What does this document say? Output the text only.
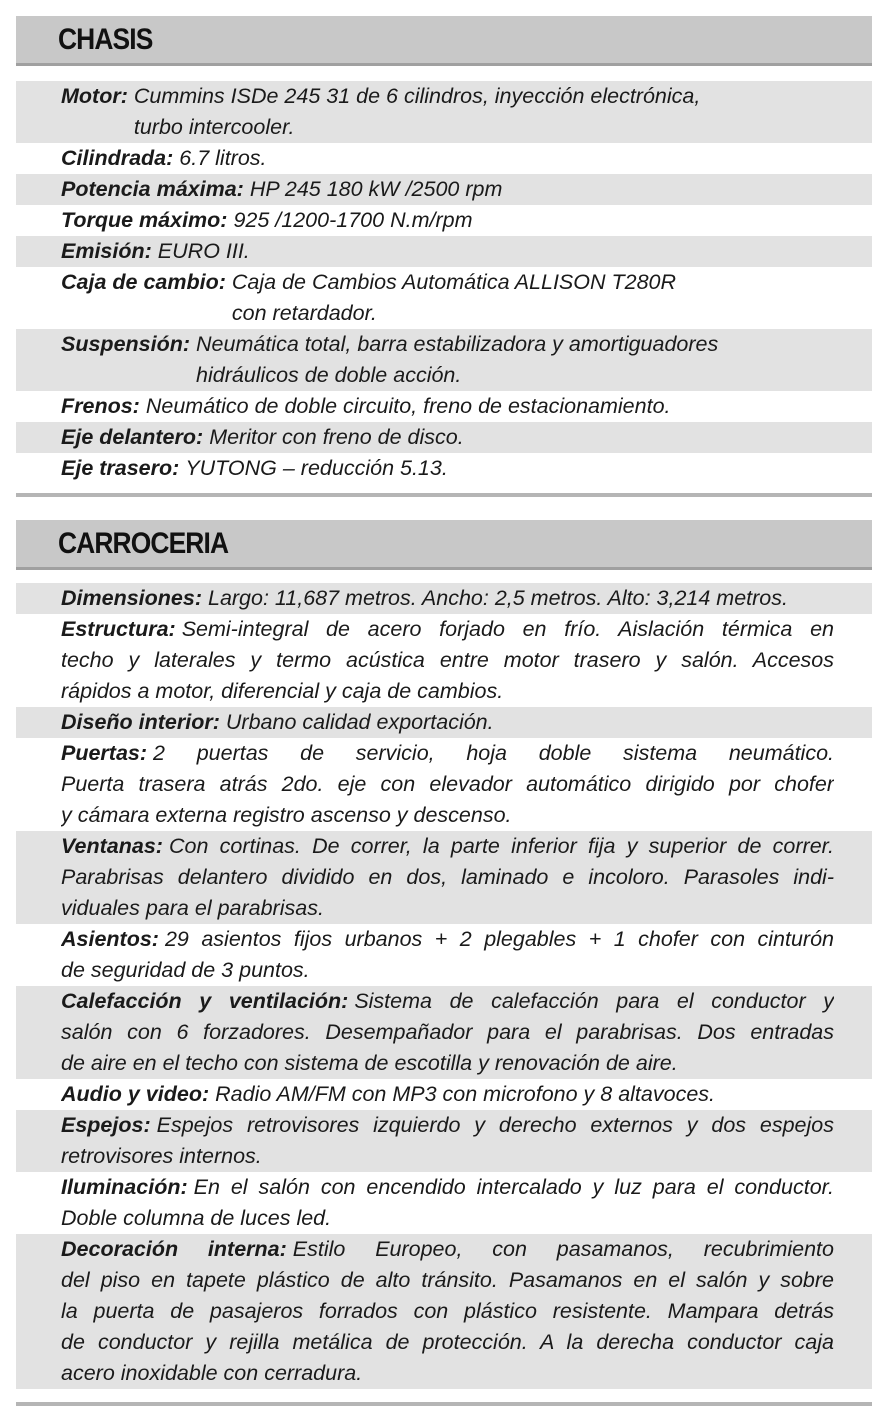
CHASIS
Motor: Cummins ISDe 245 31 de 6 cilindros, inyección electrónica,
turbo intercooler.
Cilindrada: 6.7 litros.
Potencia máxima: HP 245 180 kW /2500 rpm
Torque máximo: 925 /1200-1700 N.m/rpm
Emisión: EURO III.
Caja de cambio: Caja de Cambios Automática ALLISON T280R
con retardador.
Suspensión: Neumática total, barra estabilizadora y amortiguadores
hidráulicos de doble acción.
Frenos: Neumático de doble circuito, freno de estacionamiento.
Eje delantero: Meritor con freno de disco.
Eje trasero: YUTONG – reducción 5.13.
CARROCERIA
Dimensiones: Largo: 11,687 metros. Ancho: 2,5 metros. Alto: 3,214 metros.
Estructura: Semi-integral de acero forjado en frío. Aislación térmica en
techo y laterales y termo acústica entre motor trasero y salón. Accesos
rápidos a motor, diferencial y caja de cambios.
Diseño interior: Urbano calidad exportación.
Puertas: 2 puertas de servicio, hoja doble sistema neumático.
Puerta trasera atrás 2do. eje con elevador automático dirigido por chofer
y cámara externa registro ascenso y descenso.
Ventanas: Con cortinas. De correr, la parte inferior fija y superior de correr.
Parabrisas delantero dividido en dos, laminado e incoloro. Parasoles indi-
viduales para el parabrisas.
Asientos: 29 asientos fijos urbanos + 2 plegables + 1 chofer con cinturón
de seguridad de 3 puntos.
Calefacción y ventilación: Sistema de calefacción para el conductor y
salón con 6 forzadores. Desempañador para el parabrisas. Dos entradas
de aire en el techo con sistema de escotilla y renovación de aire.
Audio y video: Radio AM/FM con MP3 con microfono y 8 altavoces.
Espejos: Espejos retrovisores izquierdo y derecho externos y dos espejos
retrovisores internos.
Iluminación: En el salón con encendido intercalado y luz para el conductor.
Doble columna de luces led.
Decoración interna: Estilo Europeo, con pasamanos, recubrimiento
del piso en tapete plástico de alto tránsito. Pasamanos en el salón y sobre
la puerta de pasajeros forrados con plástico resistente. Mampara detrás
de conductor y rejilla metálica de protección. A la derecha conductor caja
acero inoxidable con cerradura.
